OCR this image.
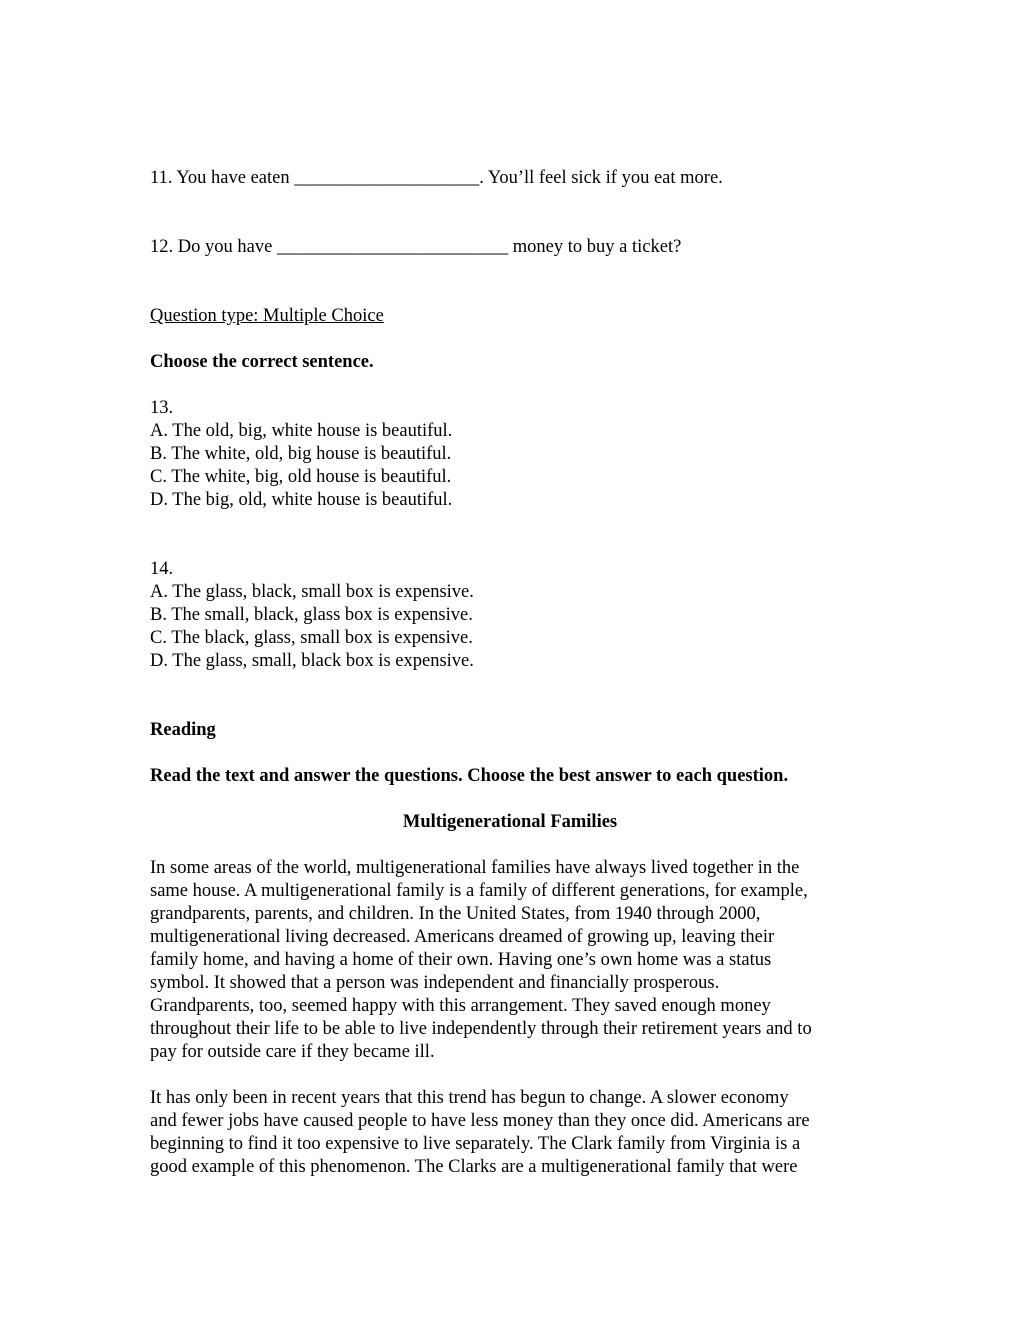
11. You have eaten ____________________. You’ll feel sick if you eat more.
12. Do you have _________________________ money to buy a ticket?
Question type: Multiple Choice
Choose the correct sentence.
13.
A. The old, big, white house is beautiful.
B. The white, old, big house is beautiful.
C. The white, big, old house is beautiful.
D. The big, old, white house is beautiful.
14.
A. The glass, black, small box is expensive.
B. The small, black, glass box is expensive.
C. The black, glass, small box is expensive.
D. The glass, small, black box is expensive.
Reading
Read the text and answer the questions. Choose the best answer to each question.
Multigenerational Families
In some areas of the world, multigenerational families have always lived together in the
same house. A multigenerational family is a family of different generations, for example,
grandparents, parents, and children. In the United States, from 1940 through 2000,
multigenerational living decreased. Americans dreamed of growing up, leaving their
family home, and having a home of their own. Having one’s own home was a status
symbol. It showed that a person was independent and financially prosperous.
Grandparents, too, seemed happy with this arrangement. They saved enough money
throughout their life to be able to live independently through their retirement years and to
pay for outside care if they became ill.
It has only been in recent years that this trend has begun to change. A slower economy
and fewer jobs have caused people to have less money than they once did. Americans are
beginning to find it too expensive to live separately. The Clark family from Virginia is a
good example of this phenomenon. The Clarks are a multigenerational family that were
